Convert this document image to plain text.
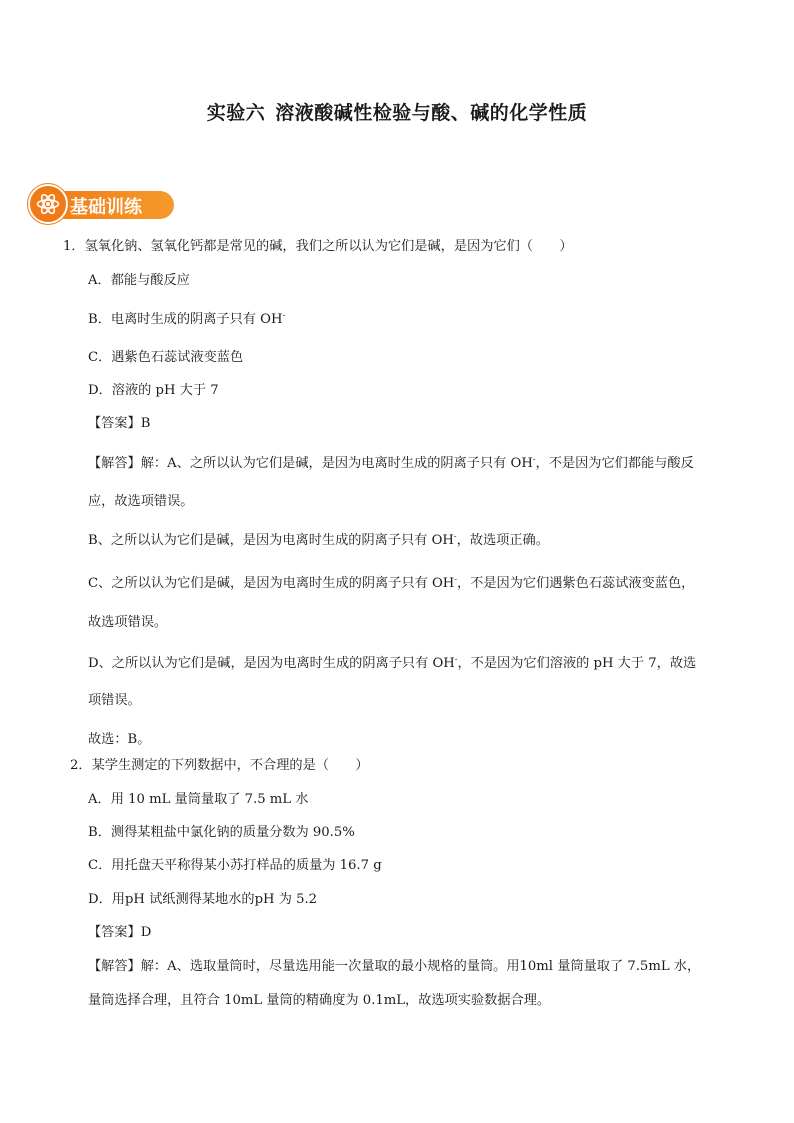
实验六 溶液酸碱性检验与酸、碱的化学性质
基础训练
1．氢氧化钠、氢氧化钙都是常见的碱，我们之所以认为它们是碱，是因为它们（　　）
A．都能与酸反应
B．电离时生成的阴离子只有 OH-
C．遇紫色石蕊试液变蓝色
D．溶液的 pH 大于 7
【答案】B
【解答】解：A、之所以认为它们是碱，是因为电离时生成的阴离子只有 OH-，不是因为它们都能与酸反
应，故选项错误。
B、之所以认为它们是碱，是因为电离时生成的阴离子只有 OH-，故选项正确。
C、之所以认为它们是碱，是因为电离时生成的阴离子只有 OH-，不是因为它们遇紫色石蕊试液变蓝色，
故选项错误。
D、之所以认为它们是碱，是因为电离时生成的阴离子只有 OH-，不是因为它们溶液的 pH 大于 7，故选
项错误。
故选：B。
2．某学生测定的下列数据中，不合理的是（　　）
A．用 10 mL 量筒量取了 7.5 mL 水
B．测得某粗盐中氯化钠的质量分数为 90.5%
C．用托盘天平称得某小苏打样品的质量为 16.7 g
D．用pH 试纸测得某地水的pH 为 5.2
【答案】D
【解答】解：A、选取量筒时，尽量选用能一次量取的最小规格的量筒。用10ml 量筒量取了 7.5mL 水，
量筒选择合理，且符合 10mL 量筒的精确度为 0.1mL，故选项实验数据合理。
